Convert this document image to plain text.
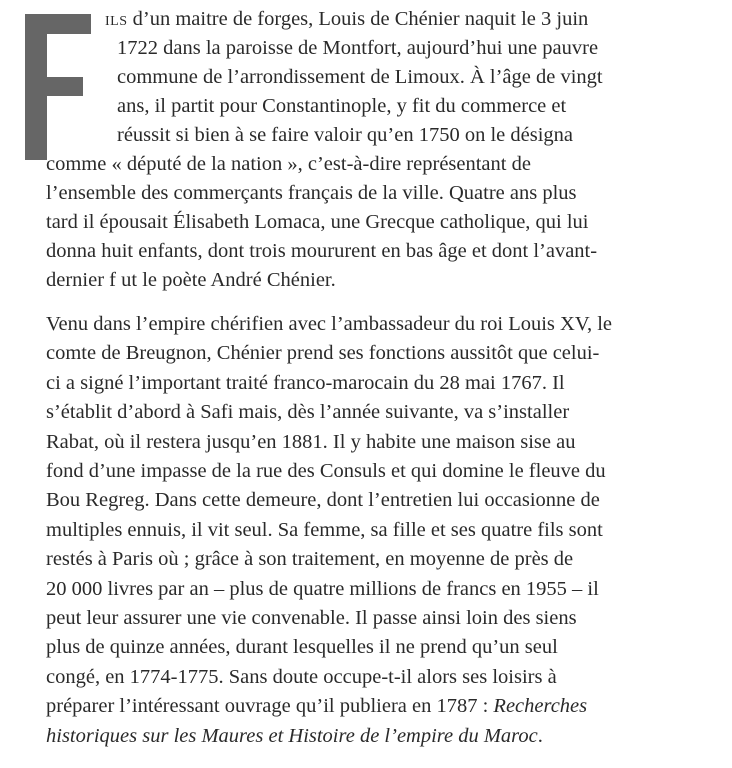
ILS d’un maitre de forges, Louis de Chénier naquit le 3 juin
1722 dans la paroisse de Montfort, aujourd’hui une pauvre
commune de l’arrondissement de Limoux. À l’âge de vingt
ans, il partit pour Constantinople, y fit du commerce et
réussit si bien à se faire valoir qu’en 1750 on le désigna
comme « député de la nation », c’est-à-dire représentant de
l’ensemble des commerçants français de la ville. Quatre ans plus
tard il épousait Élisabeth Lomaca, une Grecque catholique, qui lui
donna huit enfants, dont trois moururent en bas âge et dont l’avant-
dernier f ut le poète André Chénier.
Venu dans l’empire chérifien avec l’ambassadeur du roi Louis XV, le
comte de Breugnon, Chénier prend ses fonctions aussitôt que celui-
ci a signé l’important traité franco-marocain du 28 mai 1767. Il
s’établit d’abord à Safi mais, dès l’année suivante, va s’installer
Rabat, où il restera jusqu’en 1881. Il y habite une maison sise au
fond d’une impasse de la rue des Consuls et qui domine le fleuve du
Bou Regreg. Dans cette demeure, dont l’entretien lui occasionne de
multiples ennuis, il vit seul. Sa femme, sa fille et ses quatre fils sont
restés à Paris où ; grâce à son traitement, en moyenne de près de
20 000 livres par an – plus de quatre millions de francs en 1955 – il
peut leur assurer une vie convenable. Il passe ainsi loin des siens
plus de quinze années, durant lesquelles il ne prend qu’un seul
congé, en 1774-1775. Sans doute occupe-t-il alors ses loisirs à
préparer l’intéressant ouvrage qu’il publiera en 1787 : Recherches
historiques sur les Maures et Histoire de l’empire du Maroc.
